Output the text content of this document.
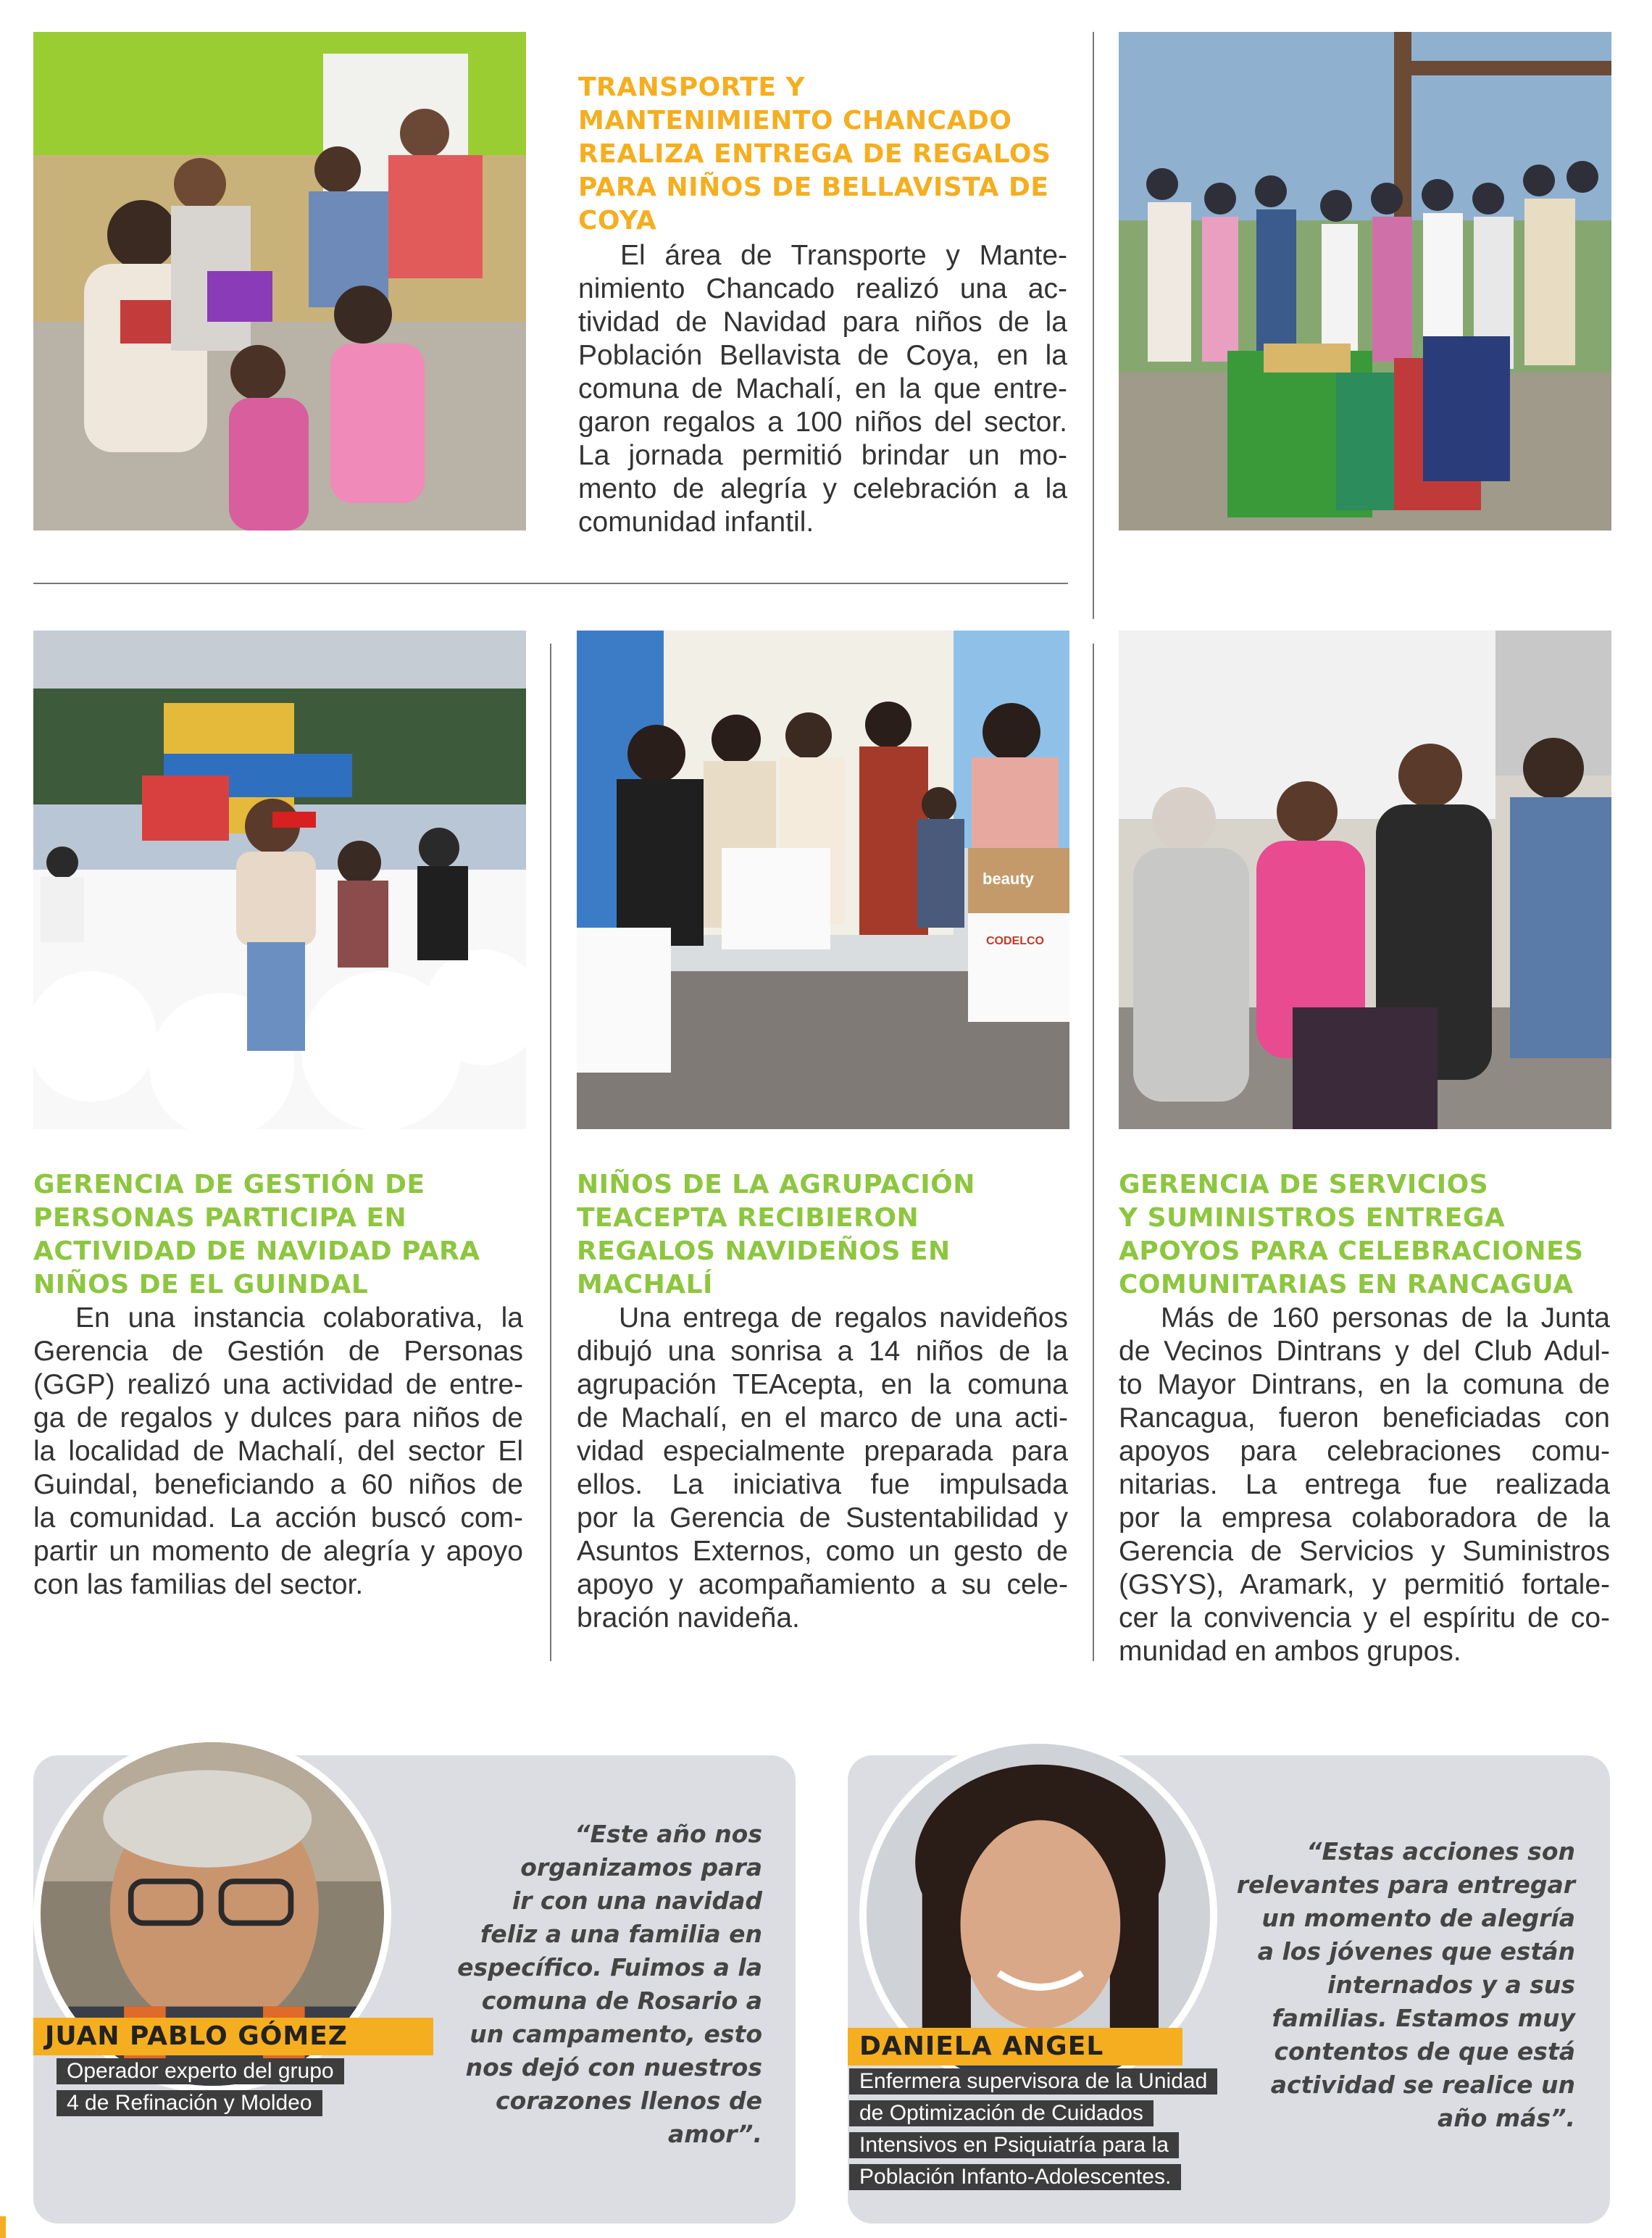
TRANSPORTE Y
MANTENIMIENTO CHANCADO
REALIZA ENTREGA DE REGALOS
PARA NIÑOS DE BELLAVISTA DE
COYA
El área de Transporte y Mante-
nimiento Chancado realizó una ac-
tividad de Navidad para niños de la
Población Bellavista de Coya, en la
comuna de Machalí, en la que entre-
garon regalos a 100 niños del sector.
La jornada permitió brindar un mo-
mento de alegría y celebración a la
comunidad infantil.
CODELCO
beauty
GERENCIA DE GESTIÓN DE
PERSONAS PARTICIPA EN
ACTIVIDAD DE NAVIDAD PARA
NIÑOS DE EL GUINDAL
En una instancia colaborativa, la
Gerencia de Gestión de Personas
(GGP) realizó una actividad de entre-
ga de regalos y dulces para niños de
la localidad de Machalí, del sector El
Guindal, beneficiando a 60 niños de
la comunidad. La acción buscó com-
partir un momento de alegría y apoyo
con las familias del sector.
NIÑOS DE LA AGRUPACIÓN
TEACEPTA RECIBIERON
REGALOS NAVIDEÑOS EN
MACHALÍ
Una entrega de regalos navideños
dibujó una sonrisa a 14 niños de la
agrupación TEAcepta, en la comuna
de Machalí, en el marco de una acti-
vidad especialmente preparada para
ellos. La iniciativa fue impulsada
por la Gerencia de Sustentabilidad y
Asuntos Externos, como un gesto de
apoyo y acompañamiento a su cele-
bración navideña.
GERENCIA DE SERVICIOS
Y SUMINISTROS ENTREGA
APOYOS PARA CELEBRACIONES
COMUNITARIAS EN RANCAGUA
Más de 160 personas de la Junta
de Vecinos Dintrans y del Club Adul-
to Mayor Dintrans, en la comuna de
Rancagua, fueron beneficiadas con
apoyos para celebraciones comu-
nitarias. La entrega fue realizada
por la empresa colaboradora de la
Gerencia de Servicios y Suministros
(GSYS), Aramark, y permitió fortale-
cer la convivencia y el espíritu de co-
munidad en ambos grupos.
JUAN PABLO GÓMEZ
Operador experto del grupo
4 de Refinación y Moldeo
“Este año nos
organizamos para
ir con una navidad
feliz a una familia en
específico. Fuimos a la
comuna de Rosario a
un campamento, esto
nos dejó con nuestros
corazones llenos de
amor”.
DANIELA ANGEL
Enfermera supervisora de la Unidad
de Optimización de Cuidados
Intensivos en Psiquiatría para la
Población Infanto-Adolescentes.
“Estas acciones son
relevantes para entregar
un momento de alegría
a los jóvenes que están
internados y a sus
familias. Estamos muy
contentos de que está
actividad se realice un
año más”.
